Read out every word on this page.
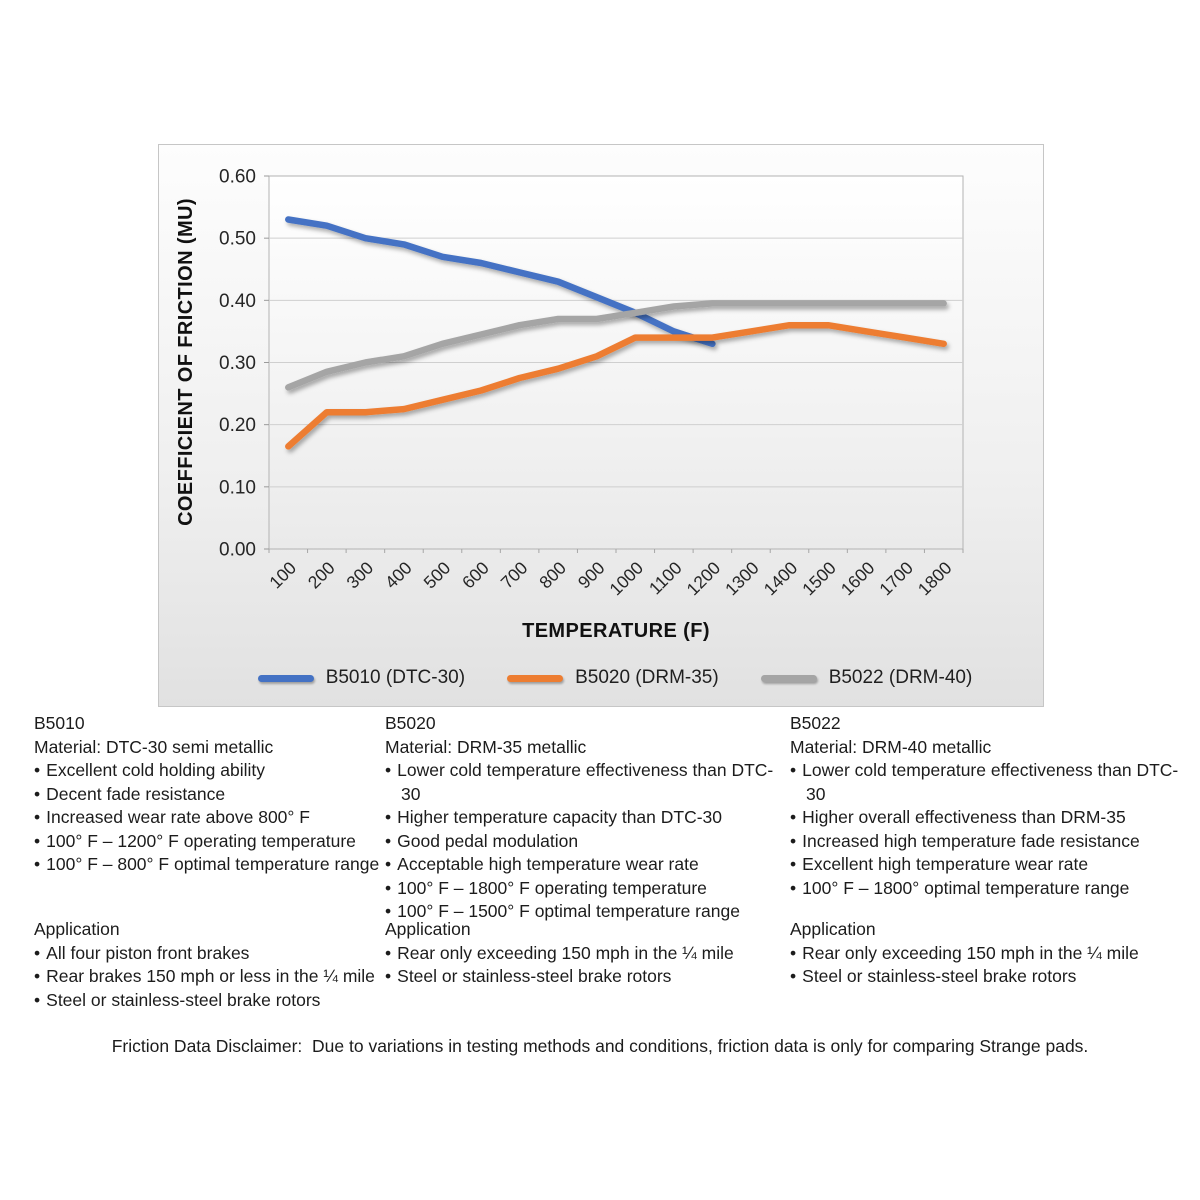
0.00
0.10
0.20
0.30
0.40
0.50
0.60
100 200 300 400 500 600 700 800 900
1000
1100
1200
1300
1400
1500
1600
1700
1800
COEFFICIENT OF FRICTION (MU)
TEMPERATURE (F)
B5010 (DTC-30)	B5020 (DRM-35)	B5022 (DRM-40)
B5010
Material: DTC-30 semi metallic
• Excellent cold holding ability
• Decent fade resistance
• Increased wear rate above 800° F
• 100° F – 1200° F operating temperature
• 100° F – 800° F optimal temperature range
Application
• All four piston front brakes
• Rear brakes 150 mph or less in the ¼ mile
• Steel or stainless-steel brake rotors
B5020
Material: DRM-35 metallic
• Lower cold temperature effectiveness than DTC-30
• Higher temperature capacity than DTC-30
• Good pedal modulation
• Acceptable high temperature wear rate
• 100° F – 1800° F operating temperature
• 100° F – 1500° F optimal temperature range
Application
• Rear only exceeding 150 mph in the ¼ mile
• Steel or stainless-steel brake rotors
B5022
Material: DRM-40 metallic
• Lower cold temperature effectiveness than DTC-30
• Higher overall effectiveness than DRM-35
• Increased high temperature fade resistance
• Excellent high temperature wear rate
• 100° F – 1800° optimal temperature range
Application
• Rear only exceeding 150 mph in the ¼ mile
• Steel or stainless-steel brake rotors
Friction Data Disclaimer:  Due to variations in testing methods and conditions, friction data is only for comparing Strange pads.
